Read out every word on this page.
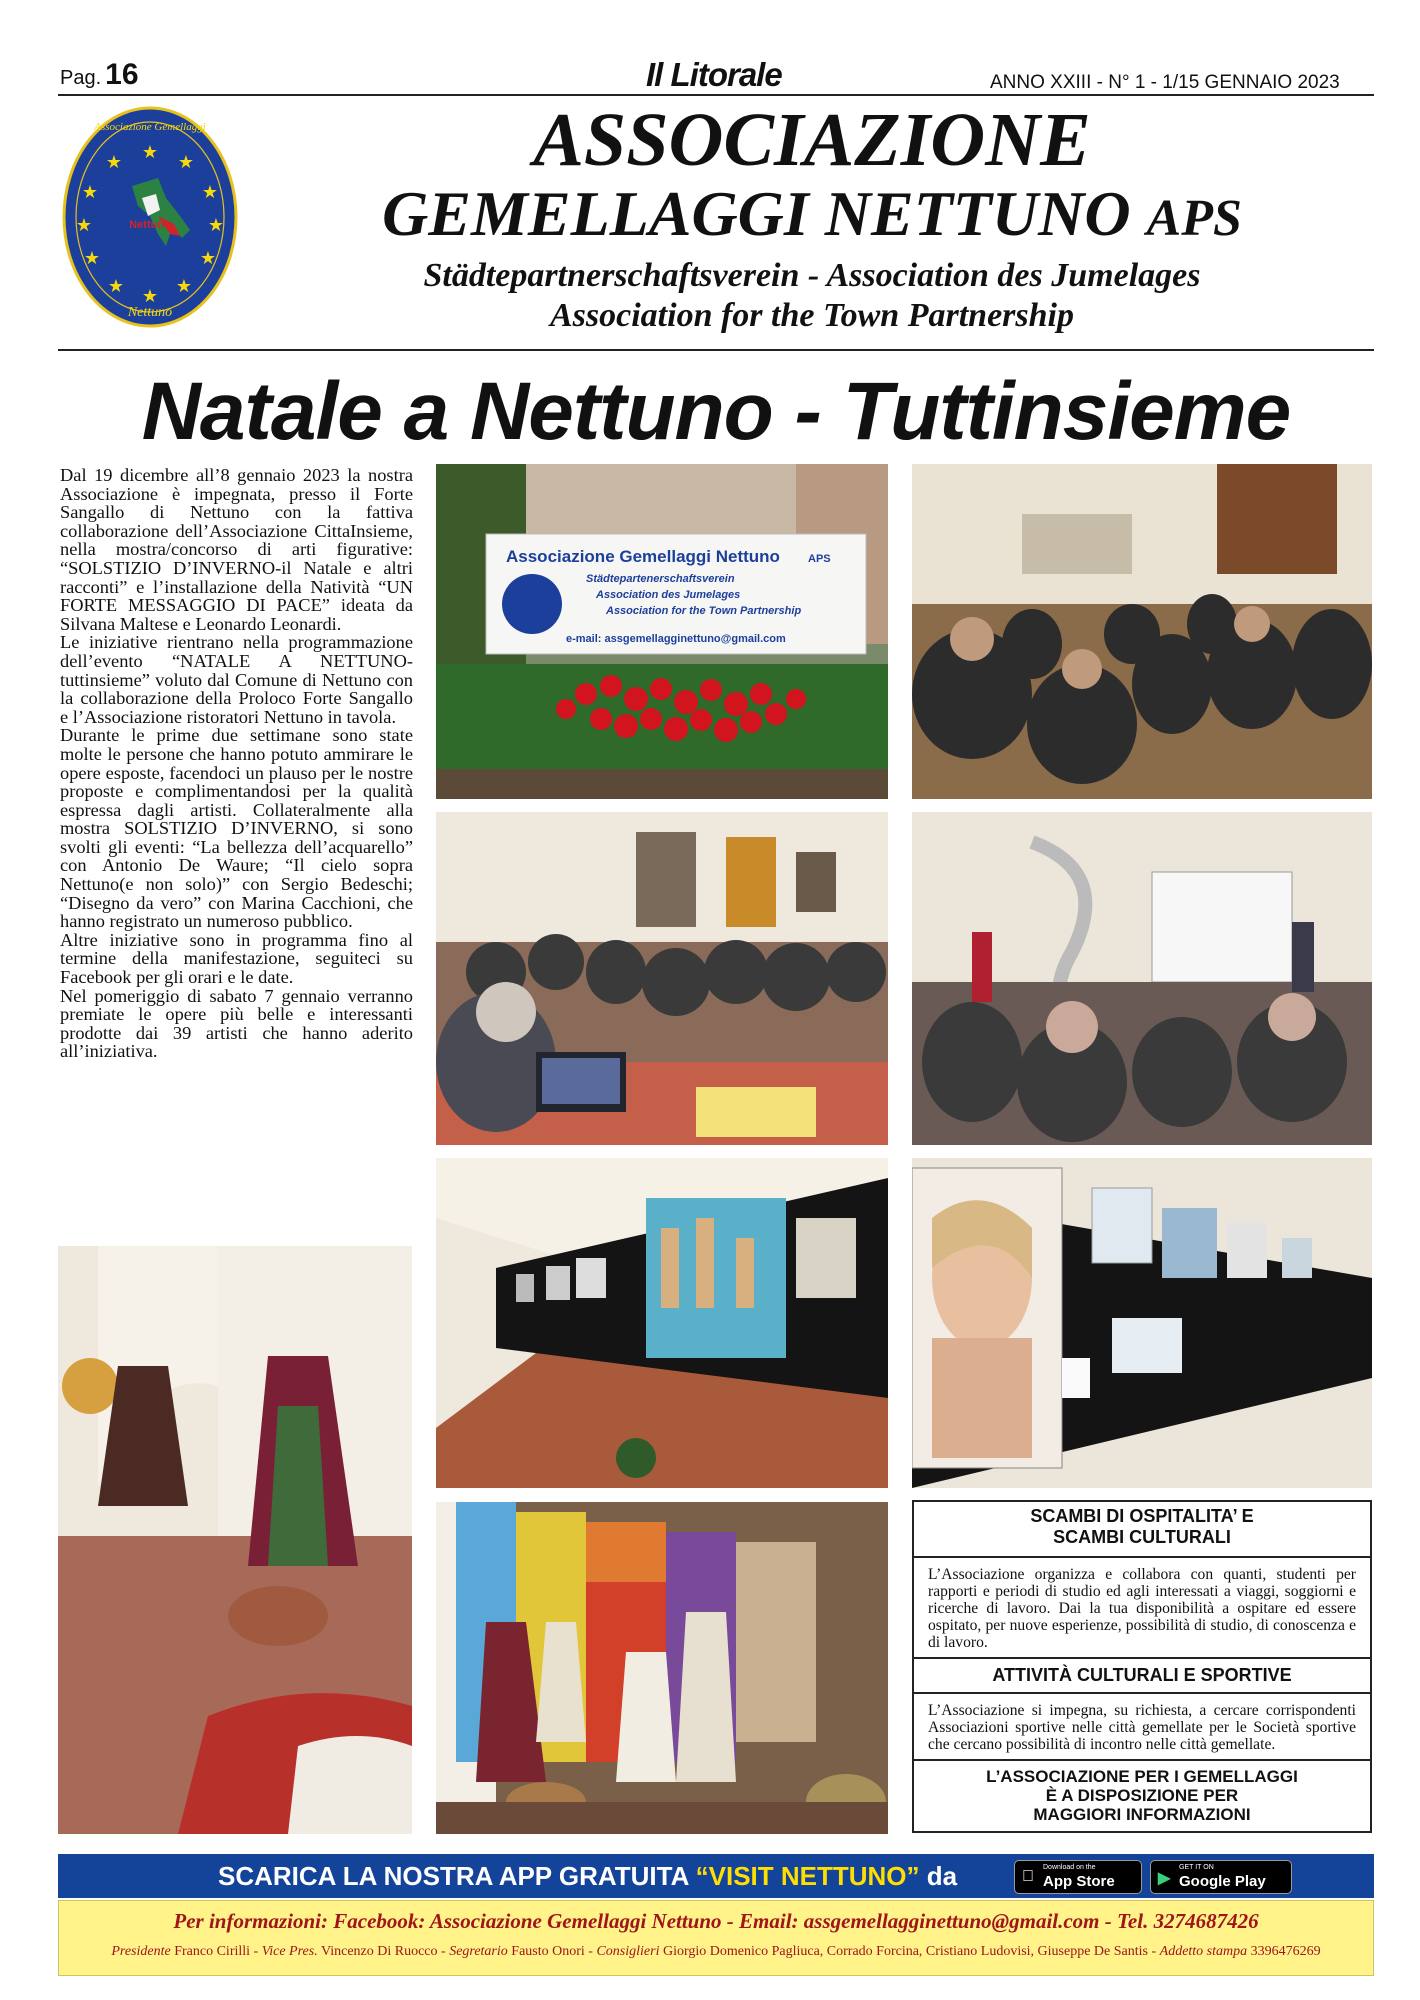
Pag. 16	Il Litorale	ANNO XXIII - N° 1 - 1/15 GENNAIO 2023
★ ★
★
★
★
★
★
★
★
★
★
★
Nettuno
Associazione Gemellaggi
Nettuno
ASSOCIAZIONE
GEMELLAGGI NETTUNO APS
Städtepartnerschaftsverein - Association des Jumelages
Association for the Town Partnership
Natale a Nettuno - Tuttinsieme

Dal 19 dicembre all’8 gennaio 2023 la nostra Associazione è impegnata, presso il Forte Sangallo di Nettuno con la fattiva collaborazione dell’Associazione CittaInsieme, nella mostra/concorso di arti figurative: “SOLSTIZIO D’INVERNO-il Natale e altri racconti” e l’installazione della Natività “UN FORTE MESSAGGIO DI PACE” ideata da Silvana Maltese e Leonardo Leonardi.

Le iniziative rientrano nella programmazione dell’evento “NATALE A NETTUNO-tuttinsieme” voluto dal Comune di Nettuno con la collaborazione della Proloco Forte Sangallo e l’Associazione ristoratori Nettuno in tavola.

Durante le prime due settimane sono state molte le persone che hanno potuto ammirare le opere esposte, facendoci un plauso per le nostre proposte e complimentandosi per la qualità espressa dagli artisti. Collateralmente alla mostra SOLSTIZIO D’INVERNO, si sono svolti gli eventi: “La bellezza dell’acquarello” con Antonio De Waure; “Il cielo sopra Nettuno(e non solo)” con Sergio Bedeschi; “Disegno da vero” con Marina Cacchioni, che hanno registrato un numeroso pubblico.

Altre iniziative sono in programma fino al termine della manifestazione, seguiteci su Facebook per gli orari e le date.

Nel pomeriggio di sabato 7 gennaio verranno premiate le opere più belle e interessanti prodotte dai 39 artisti che hanno aderito all’iniziativa.

Associazione Gemellaggi Nettuno	APS
Städtepartenerschaftsverein
Association des Jumelages
Association for the Town Partnership
e-mail: assgemellagginettuno@gmail.com
SCAMBI DI OSPITALITA’ E
SCAMBI CULTURALI

L’Associazione organizza e collabora con quanti, studenti per rapporti e periodi di studio ed agli interessati a viaggi, soggiorni e ricerche di lavoro. Dai la tua disponibilità a ospitare ed essere ospitato, per nuove esperienze, possibilità di studio, di conoscenza e di lavoro.

ATTIVITÀ CULTURALI E SPORTIVE

L’Associazione si impegna, su richiesta, a cercare corrispondenti Associazioni sportive nelle città gemellate per le Società sportive che cercano possibilità di incontro nelle città gemellate.

L’ASSOCIAZIONE PER I GEMELLAGGI
È A DISPOSIZIONE PER
MAGGIORI INFORMAZIONI
SCARICA LA NOSTRA APP GRATUITA “VISIT NETTUNO” da	Download on the
App Store	▶
GET IT ON
Google Play
Per informazioni: Facebook: Associazione Gemellaggi Nettuno - Email: assgemellagginettuno@gmail.com - Tel. 3274687426
Presidente Franco Cirilli - Vice Pres. Vincenzo Di Ruocco - Segretario Fausto Onori - Consiglieri Giorgio Domenico Pagliuca, Corrado Forcina, Cristiano Ludovisi, Giuseppe De Santis - Addetto stampa 3396476269
